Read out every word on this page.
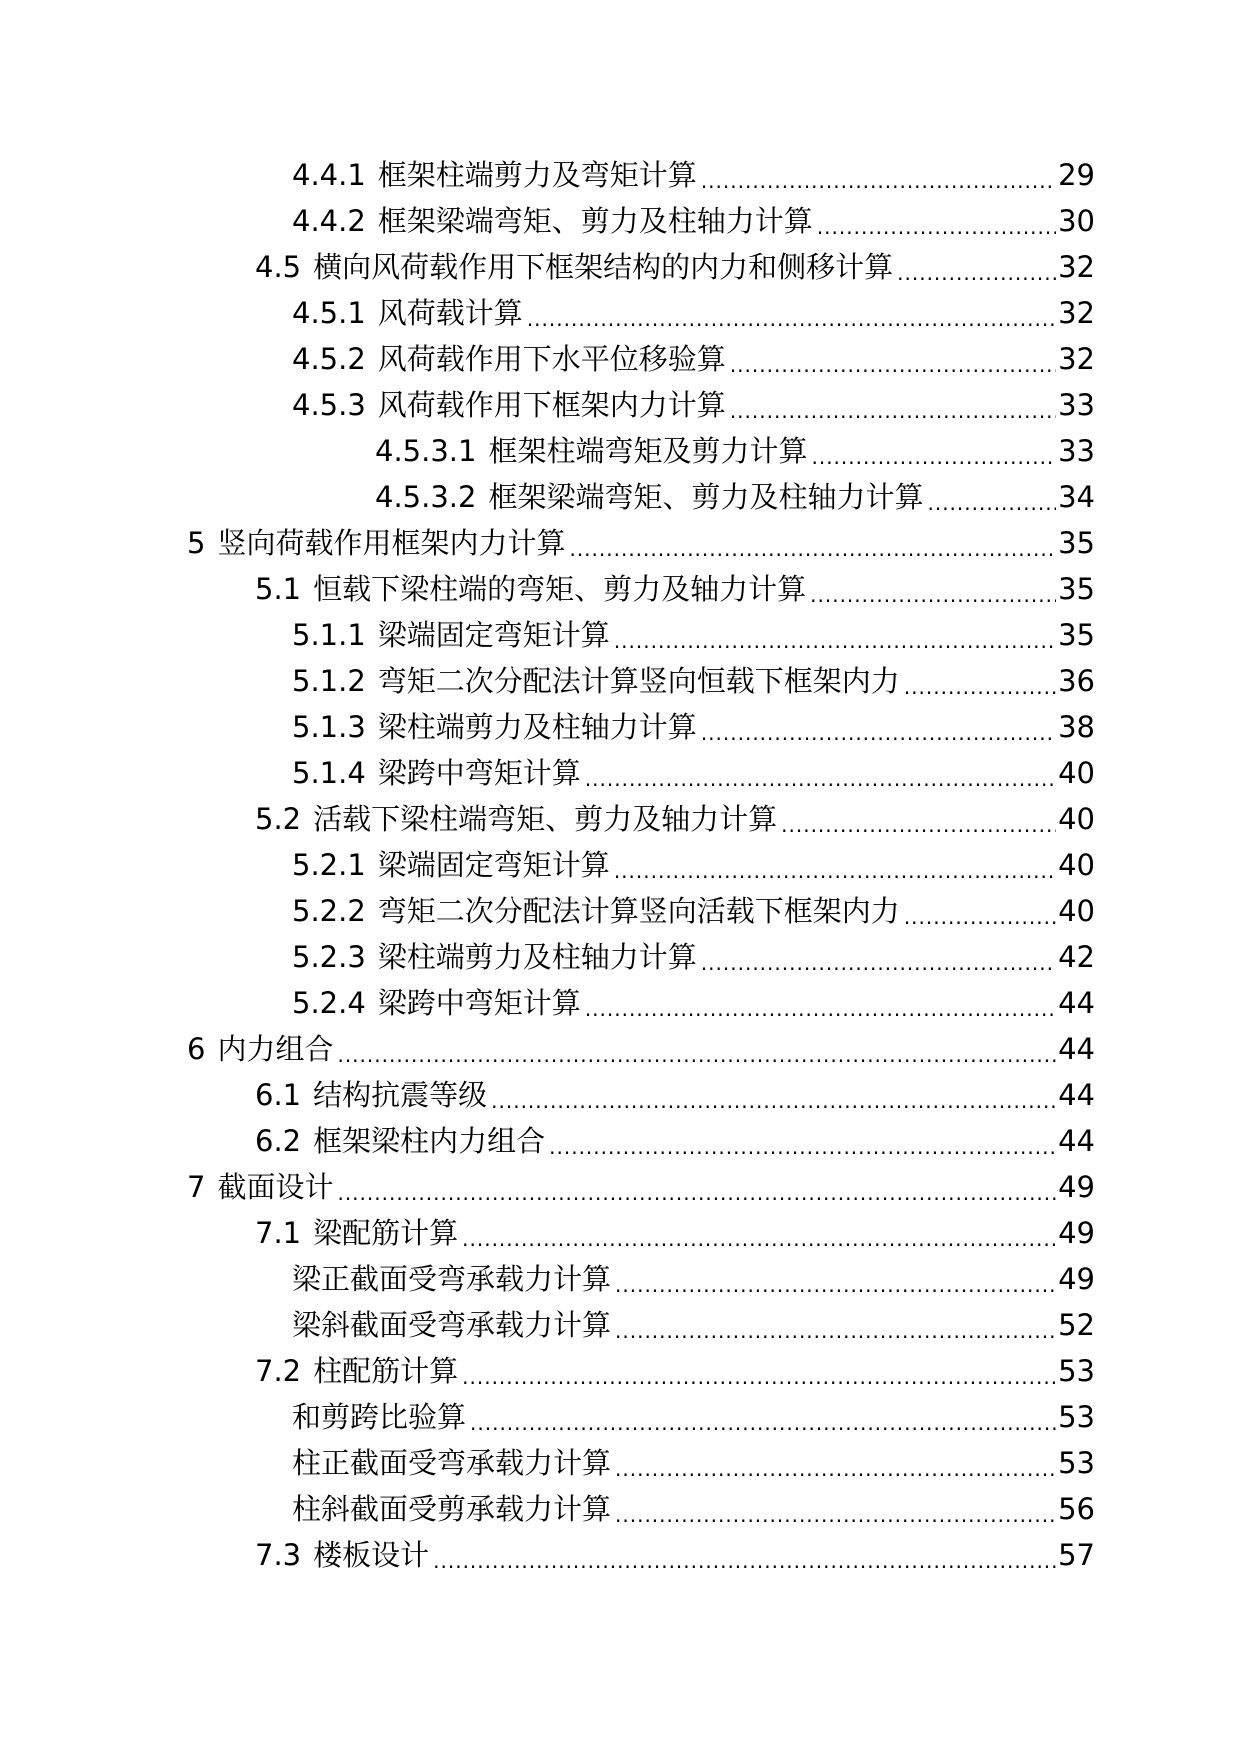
4.4.1 框架柱端剪力及弯矩计算 .....	29
4.4.2 框架梁端弯矩、剪力及柱轴力计算 .....	30
4.5 横向风荷载作用下框架结构的内力和侧移计算 .....	32
4.5.1 风荷载计算 .....	32
4.5.2 风荷载作用下水平位移验算 .....	32
4.5.3 风荷载作用下框架内力计算 .....	33
4.5.3.1 框架柱端弯矩及剪力计算 .....	33
4.5.3.2 框架梁端弯矩、剪力及柱轴力计算 .....	34
5 竖向荷载作用框架内力计算 .....	35
5.1 恒载下梁柱端的弯矩、剪力及轴力计算 .....	35
5.1.1 梁端固定弯矩计算 .....	35
5.1.2 弯矩二次分配法计算竖向恒载下框架内力 .....	36
5.1.3 梁柱端剪力及柱轴力计算 .....	38
5.1.4 梁跨中弯矩计算 .....	40
5.2 活载下梁柱端弯矩、剪力及轴力计算 .....	40
5.2.1 梁端固定弯矩计算 .....	40
5.2.2 弯矩二次分配法计算竖向活载下框架内力 .....	40
5.2.3 梁柱端剪力及柱轴力计算 .....	42
5.2.4 梁跨中弯矩计算 .....	44
6 内力组合 .....	44
6.1 结构抗震等级 .....	44
6.2 框架梁柱内力组合 .....	44
7 截面设计 .....	49
7.1 梁配筋计算 .....	49
梁正截面受弯承载力计算 .....	49
梁斜截面受弯承载力计算 .....	52
7.2 柱配筋计算 .....	53
和剪跨比验算 .....	53
柱正截面受弯承载力计算 .....	53
柱斜截面受剪承载力计算 .....	56
7.3 楼板设计 .....	57
